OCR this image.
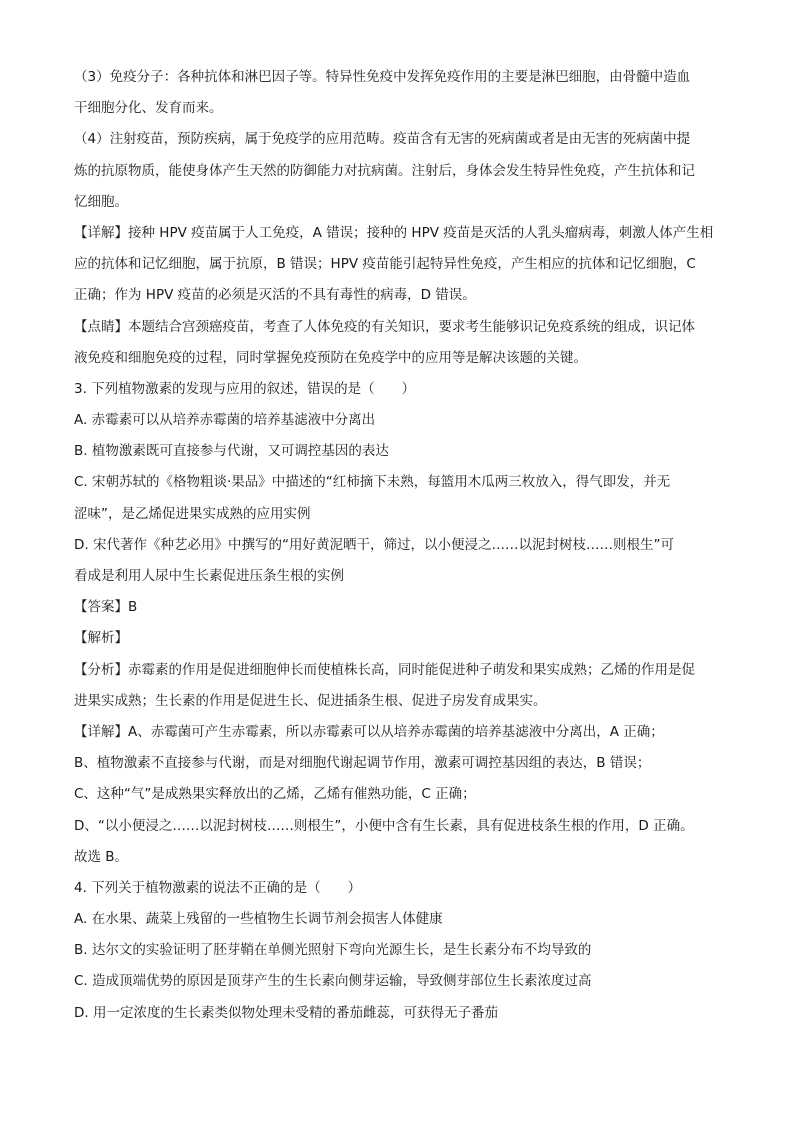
（3）免疫分子：各种抗体和淋巴因子等。特异性免疫中发挥免疫作用的主要是淋巴细胞，由骨髓中造血
干细胞分化、发育而来。
（4）注射疫苗，预防疾病，属于免疫学的应用范畴。疫苗含有无害的死病菌或者是由无害的死病菌中提
炼的抗原物质，能使身体产生天然的防御能力对抗病菌。注射后，身体会发生特异性免疫，产生抗体和记
忆细胞。
【详解】接种 HPV 疫苗属于人工免疫，A 错误；接种的 HPV 疫苗是灭活的人乳头瘤病毒，刺激人体产生相
应的抗体和记忆细胞，属于抗原，B 错误；HPV 疫苗能引起特异性免疫，产生相应的抗体和记忆细胞，C
正确；作为 HPV 疫苗的必须是灭活的不具有毒性的病毒，D 错误。
【点睛】本题结合宫颈癌疫苗，考查了人体免疫的有关知识，要求考生能够识记免疫系统的组成，识记体
液免疫和细胞免疫的过程，同时掌握免疫预防在免疫学中的应用等是解决该题的关键。
3. 下列植物激素的发现与应用的叙述，错误的是（　　）
A. 赤霉素可以从培养赤霉菌的培养基滤液中分离出
B. 植物激素既可直接参与代谢，又可调控基因的表达
C. 宋朝苏轼的《格物粗谈·果品》中描述的“红柿摘下未熟，每篮用木瓜两三枚放入，得气即发，并无
涩味”，是乙烯促进果实成熟的应用实例
D. 宋代著作《种艺必用》中撰写的“用好黄泥晒干，筛过，以小便浸之……以泥封树枝……则根生”可
看成是利用人尿中生长素促进压条生根的实例
【答案】B
【解析】
【分析】赤霉素的作用是促进细胞伸长而使植株长高，同时能促进种子萌发和果实成熟；乙烯的作用是促
进果实成熟；生长素的作用是促进生长、促进插条生根、促进子房发育成果实。
【详解】A、赤霉菌可产生赤霉素，所以赤霉素可以从培养赤霉菌的培养基滤液中分离出，A 正确；
B、植物激素不直接参与代谢，而是对细胞代谢起调节作用，激素可调控基因组的表达，B 错误；
C、这种“气”是成熟果实释放出的乙烯，乙烯有催熟功能，C 正确；
D、“以小便浸之……以泥封树枝……则根生”，小便中含有生长素，具有促进枝条生根的作用，D 正确。
故选 B。
4. 下列关于植物激素的说法不正确的是（　　）
A. 在水果、蔬菜上残留的一些植物生长调节剂会损害人体健康
B. 达尔文的实验证明了胚芽鞘在单侧光照射下弯向光源生长，是生长素分布不均导致的
C. 造成顶端优势的原因是顶芽产生的生长素向侧芽运输，导致侧芽部位生长素浓度过高
D. 用一定浓度的生长素类似物处理未受精的番茄雌蕊，可获得无子番茄
